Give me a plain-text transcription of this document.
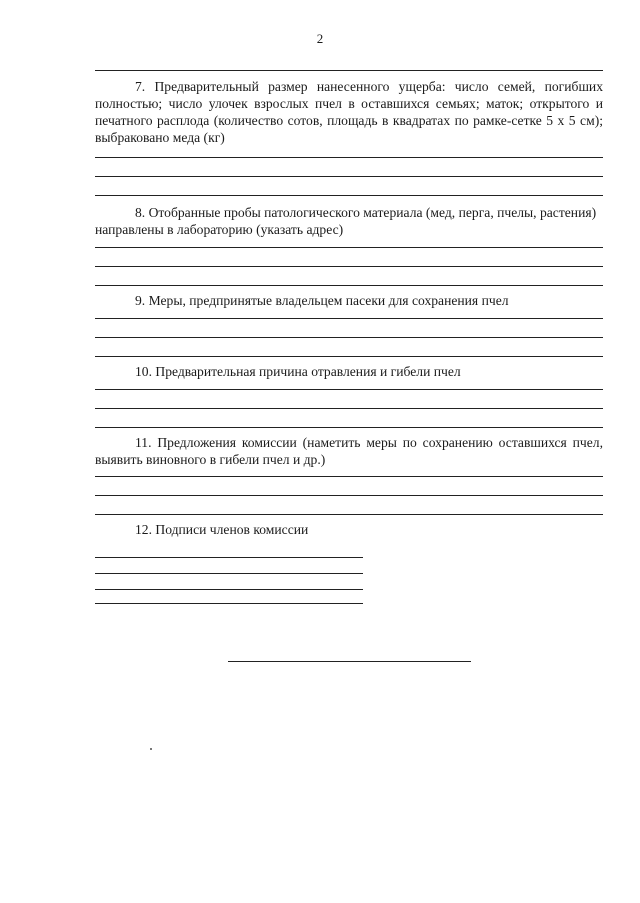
2

7. Предварительный размер нанесенного ущерба: число семей, погибших полностью; число улочек взрослых пчел в оставшихся семьях; маток; открытого и печатного расплода (количество сотов, площадь в квадратах по рамке-сетке 5 х 5 см); выбраковано меда (кг)

8. Отобранные пробы патологического материала (мед, перга, пчелы, растения)

направлены в лабораторию (указать адрес)

9. Меры, предпринятые владельцем пасеки для сохранения пчел

10. Предварительная причина отравления и гибели пчел

11. Предложения комиссии (наметить меры по сохранению оставшихся пчел, выявить виновного в гибели пчел и др.)

12. Подписи членов комиссии
